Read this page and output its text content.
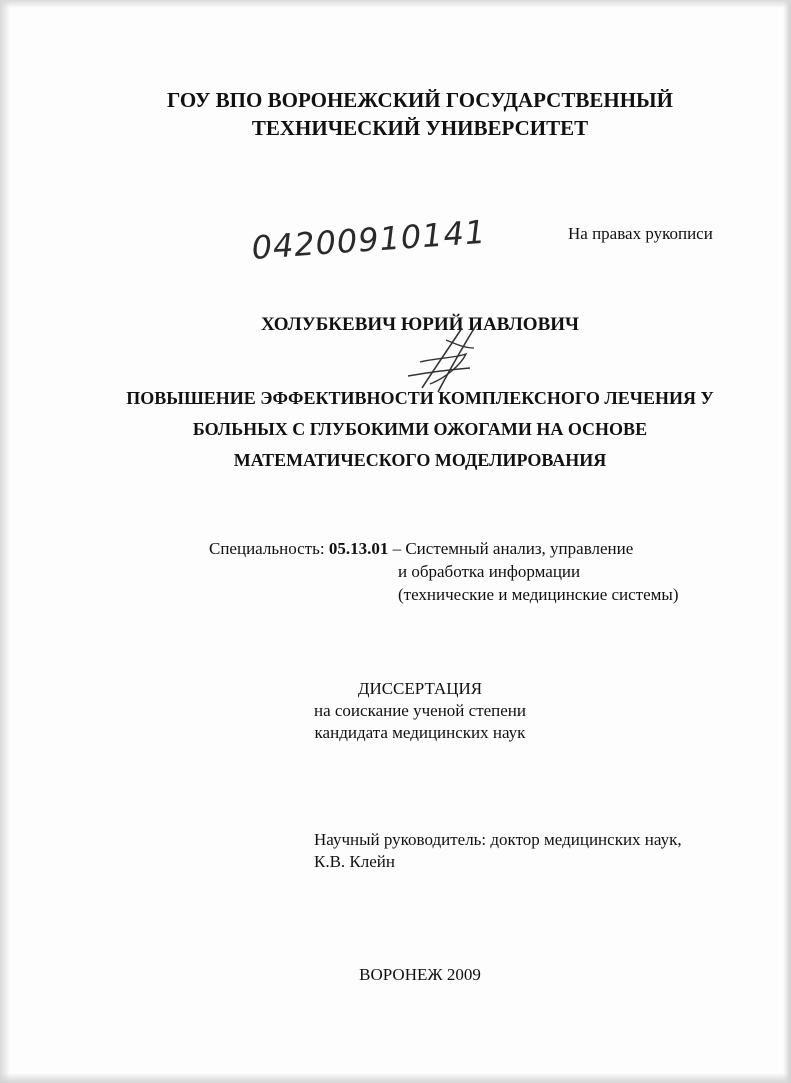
ГОУ ВПО ВОРОНЕЖСКИЙ ГОСУДАРСТВЕННЫЙ
ТЕХНИЧЕСКИЙ УНИВЕРСИТЕТ
На правах рукописи
04200910141
ХОЛУБКЕВИЧ ЮРИЙ ПАВЛОВИЧ
ПОВЫШЕНИЕ ЭФФЕКТИВНОСТИ КОМПЛЕКСНОГО ЛЕЧЕНИЯ У
БОЛЬНЫХ С ГЛУБОКИМИ ОЖОГАМИ НА ОСНОВЕ
МАТЕМАТИЧЕСКОГО МОДЕЛИРОВАНИЯ
Специальность: 05.13.01 – Системный анализ, управление
и обработка информации
(технические и медицинские системы)
ДИССЕРТАЦИЯ
на соискание ученой степени
кандидата медицинских наук
Научный руководитель: доктор медицинских наук,
К.В. Клейн
ВОРОНЕЖ 2009
